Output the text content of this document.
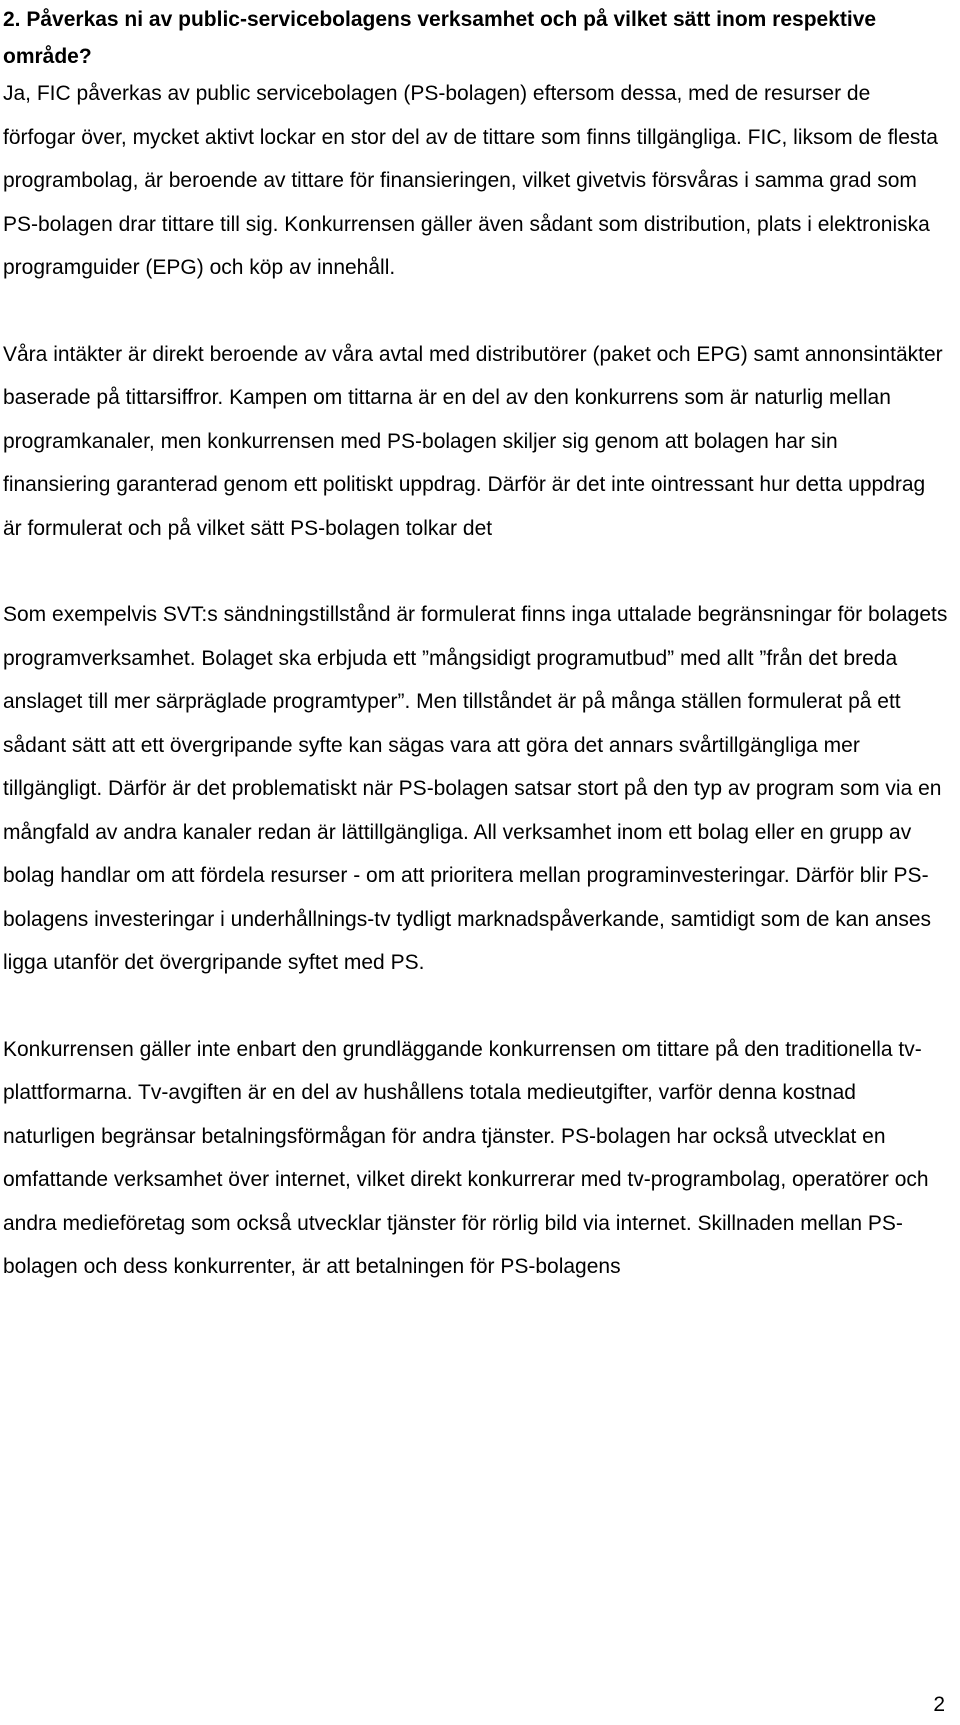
2. Påverkas ni av public-servicebolagens verksamhet och på vilket sätt inom respektive område?

Ja, FIC påverkas av public servicebolagen (PS-bolagen) eftersom dessa, med de resurser de förfogar över, mycket aktivt lockar en stor del av de tittare som finns tillgängliga. FIC, liksom de flesta programbolag, är beroende av tittare för finansieringen, vilket givetvis försvåras i samma grad som PS-bolagen drar tittare till sig. Konkurrensen gäller även sådant som distribution, plats i elektroniska programguider (EPG) och köp av innehåll.

Våra intäkter är direkt beroende av våra avtal med distributörer (paket och EPG) samt annonsintäkter baserade på tittarsiffror. Kampen om tittarna är en del av den konkurrens som är naturlig mellan programkanaler, men konkurrensen med PS-bolagen skiljer sig genom att bolagen har sin finansiering garanterad genom ett politiskt uppdrag. Därför är det inte ointressant hur detta uppdrag är formulerat och på vilket sätt PS-bolagen tolkar det

Som exempelvis SVT:s sändningstillstånd är formulerat finns inga uttalade begränsningar för bolagets programverksamhet. Bolaget ska erbjuda ett ”mångsidigt programutbud” med allt ”från det breda anslaget till mer särpräglade programtyper”. Men tillståndet är på många ställen formulerat på ett sådant sätt att ett övergripande syfte kan sägas vara att göra det annars svårtillgängliga mer tillgängligt. Därför är det problematiskt när PS-bolagen satsar stort på den typ av program som via en mångfald av andra kanaler redan är lättillgängliga. All verksamhet inom ett bolag eller en grupp av bolag handlar om att fördela resurser - om att prioritera mellan programinvesteringar. Därför blir PS-bolagens investeringar i underhållnings-tv tydligt marknadspåverkande, samtidigt som de kan anses ligga utanför det övergripande syftet med PS.

Konkurrensen gäller inte enbart den grundläggande konkurrensen om tittare på den traditionella tv-plattformarna. Tv-avgiften är en del av hushållens totala medieutgifter, varför denna kostnad naturligen begränsar betalningsförmågan för andra tjänster. PS-bolagen har också utvecklat en omfattande verksamhet över internet, vilket direkt konkurrerar med tv-programbolag, operatörer och andra medieföretag som också utvecklar tjänster för rörlig bild via internet. Skillnaden mellan PS-bolagen och dess konkurrenter, är att betalningen för PS-bolagens

2
